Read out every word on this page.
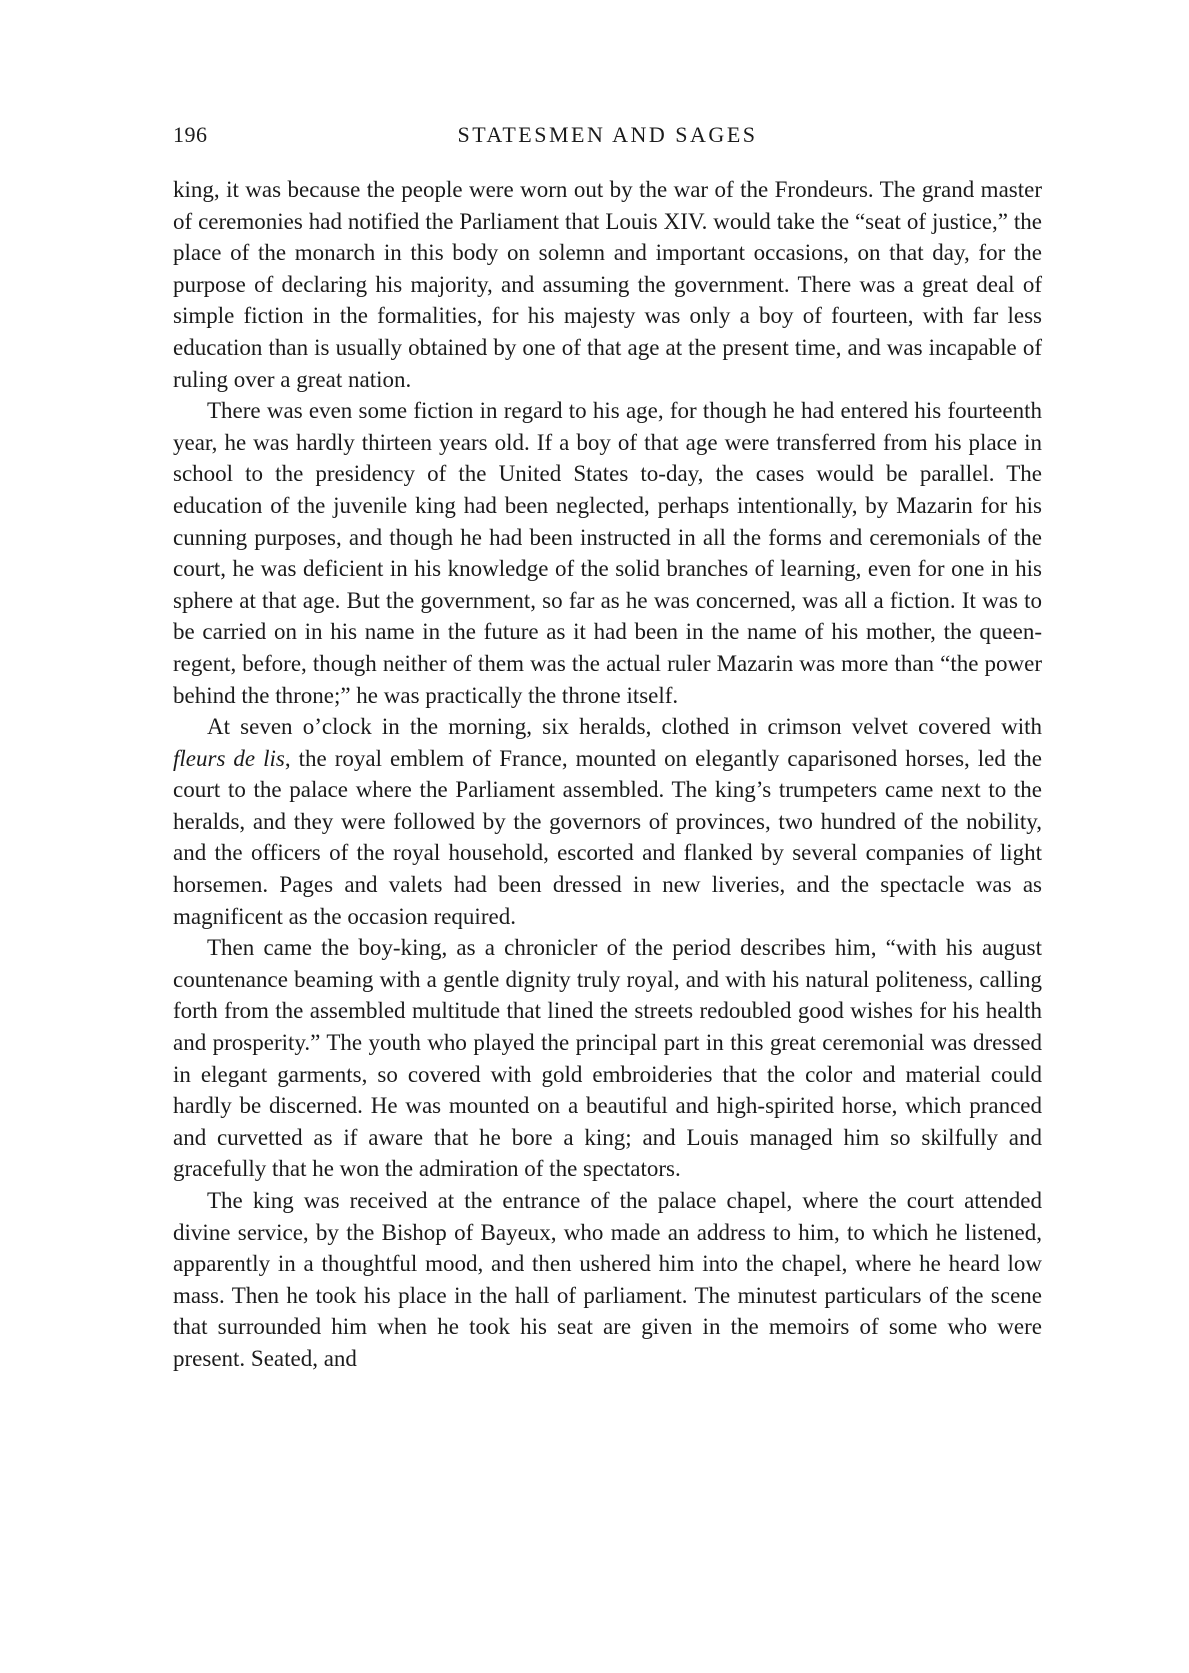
196	STATESMEN AND SAGES

king, it was because the people were worn out by the war of the Frondeurs. The grand master of ceremonies had notified the Parliament that Louis XIV. would take the “seat of justice,” the place of the monarch in this body on solemn and important occasions, on that day, for the purpose of declaring his majority, and assuming the government. There was a great deal of simple fiction in the formalities, for his majesty was only a boy of fourteen, with far less education than is usually obtained by one of that age at the present time, and was incapable of ruling over a great nation.

There was even some fiction in regard to his age, for though he had entered his fourteenth year, he was hardly thirteen years old. If a boy of that age were transferred from his place in school to the presidency of the United States to-day, the cases would be parallel. The education of the juvenile king had been neglected, perhaps intentionally, by Mazarin for his cunning purposes, and though he had been instructed in all the forms and ceremonials of the court, he was deficient in his knowledge of the solid branches of learning, even for one in his sphere at that age. But the government, so far as he was concerned, was all a fiction. It was to be carried on in his name in the future as it had been in the name of his mother, the queen-regent, before, though neither of them was the actual ruler Mazarin was more than “the power behind the throne;” he was practically the throne itself.

At seven o’clock in the morning, six heralds, clothed in crimson velvet covered with fleurs de lis, the royal emblem of France, mounted on elegantly caparisoned horses, led the court to the palace where the Parliament assembled. The king’s trumpeters came next to the heralds, and they were followed by the governors of provinces, two hundred of the nobility, and the officers of the royal household, escorted and flanked by several companies of light horsemen. Pages and valets had been dressed in new liveries, and the spectacle was as magnificent as the occasion required.

Then came the boy-king, as a chronicler of the period describes him, “with his august countenance beaming with a gentle dignity truly royal, and with his natural politeness, calling forth from the assembled multitude that lined the streets redoubled good wishes for his health and prosperity.” The youth who played the principal part in this great ceremonial was dressed in elegant garments, so covered with gold embroideries that the color and material could hardly be discerned. He was mounted on a beautiful and high-spirited horse, which pranced and curvetted as if aware that he bore a king; and Louis managed him so skilfully and gracefully that he won the admiration of the spectators.

The king was received at the entrance of the palace chapel, where the court attended divine service, by the Bishop of Bayeux, who made an address to him, to which he listened, apparently in a thoughtful mood, and then ushered him into the chapel, where he heard low mass. Then he took his place in the hall of parliament. The minutest particulars of the scene that surrounded him when he took his seat are given in the memoirs of some who were present. Seated, and
